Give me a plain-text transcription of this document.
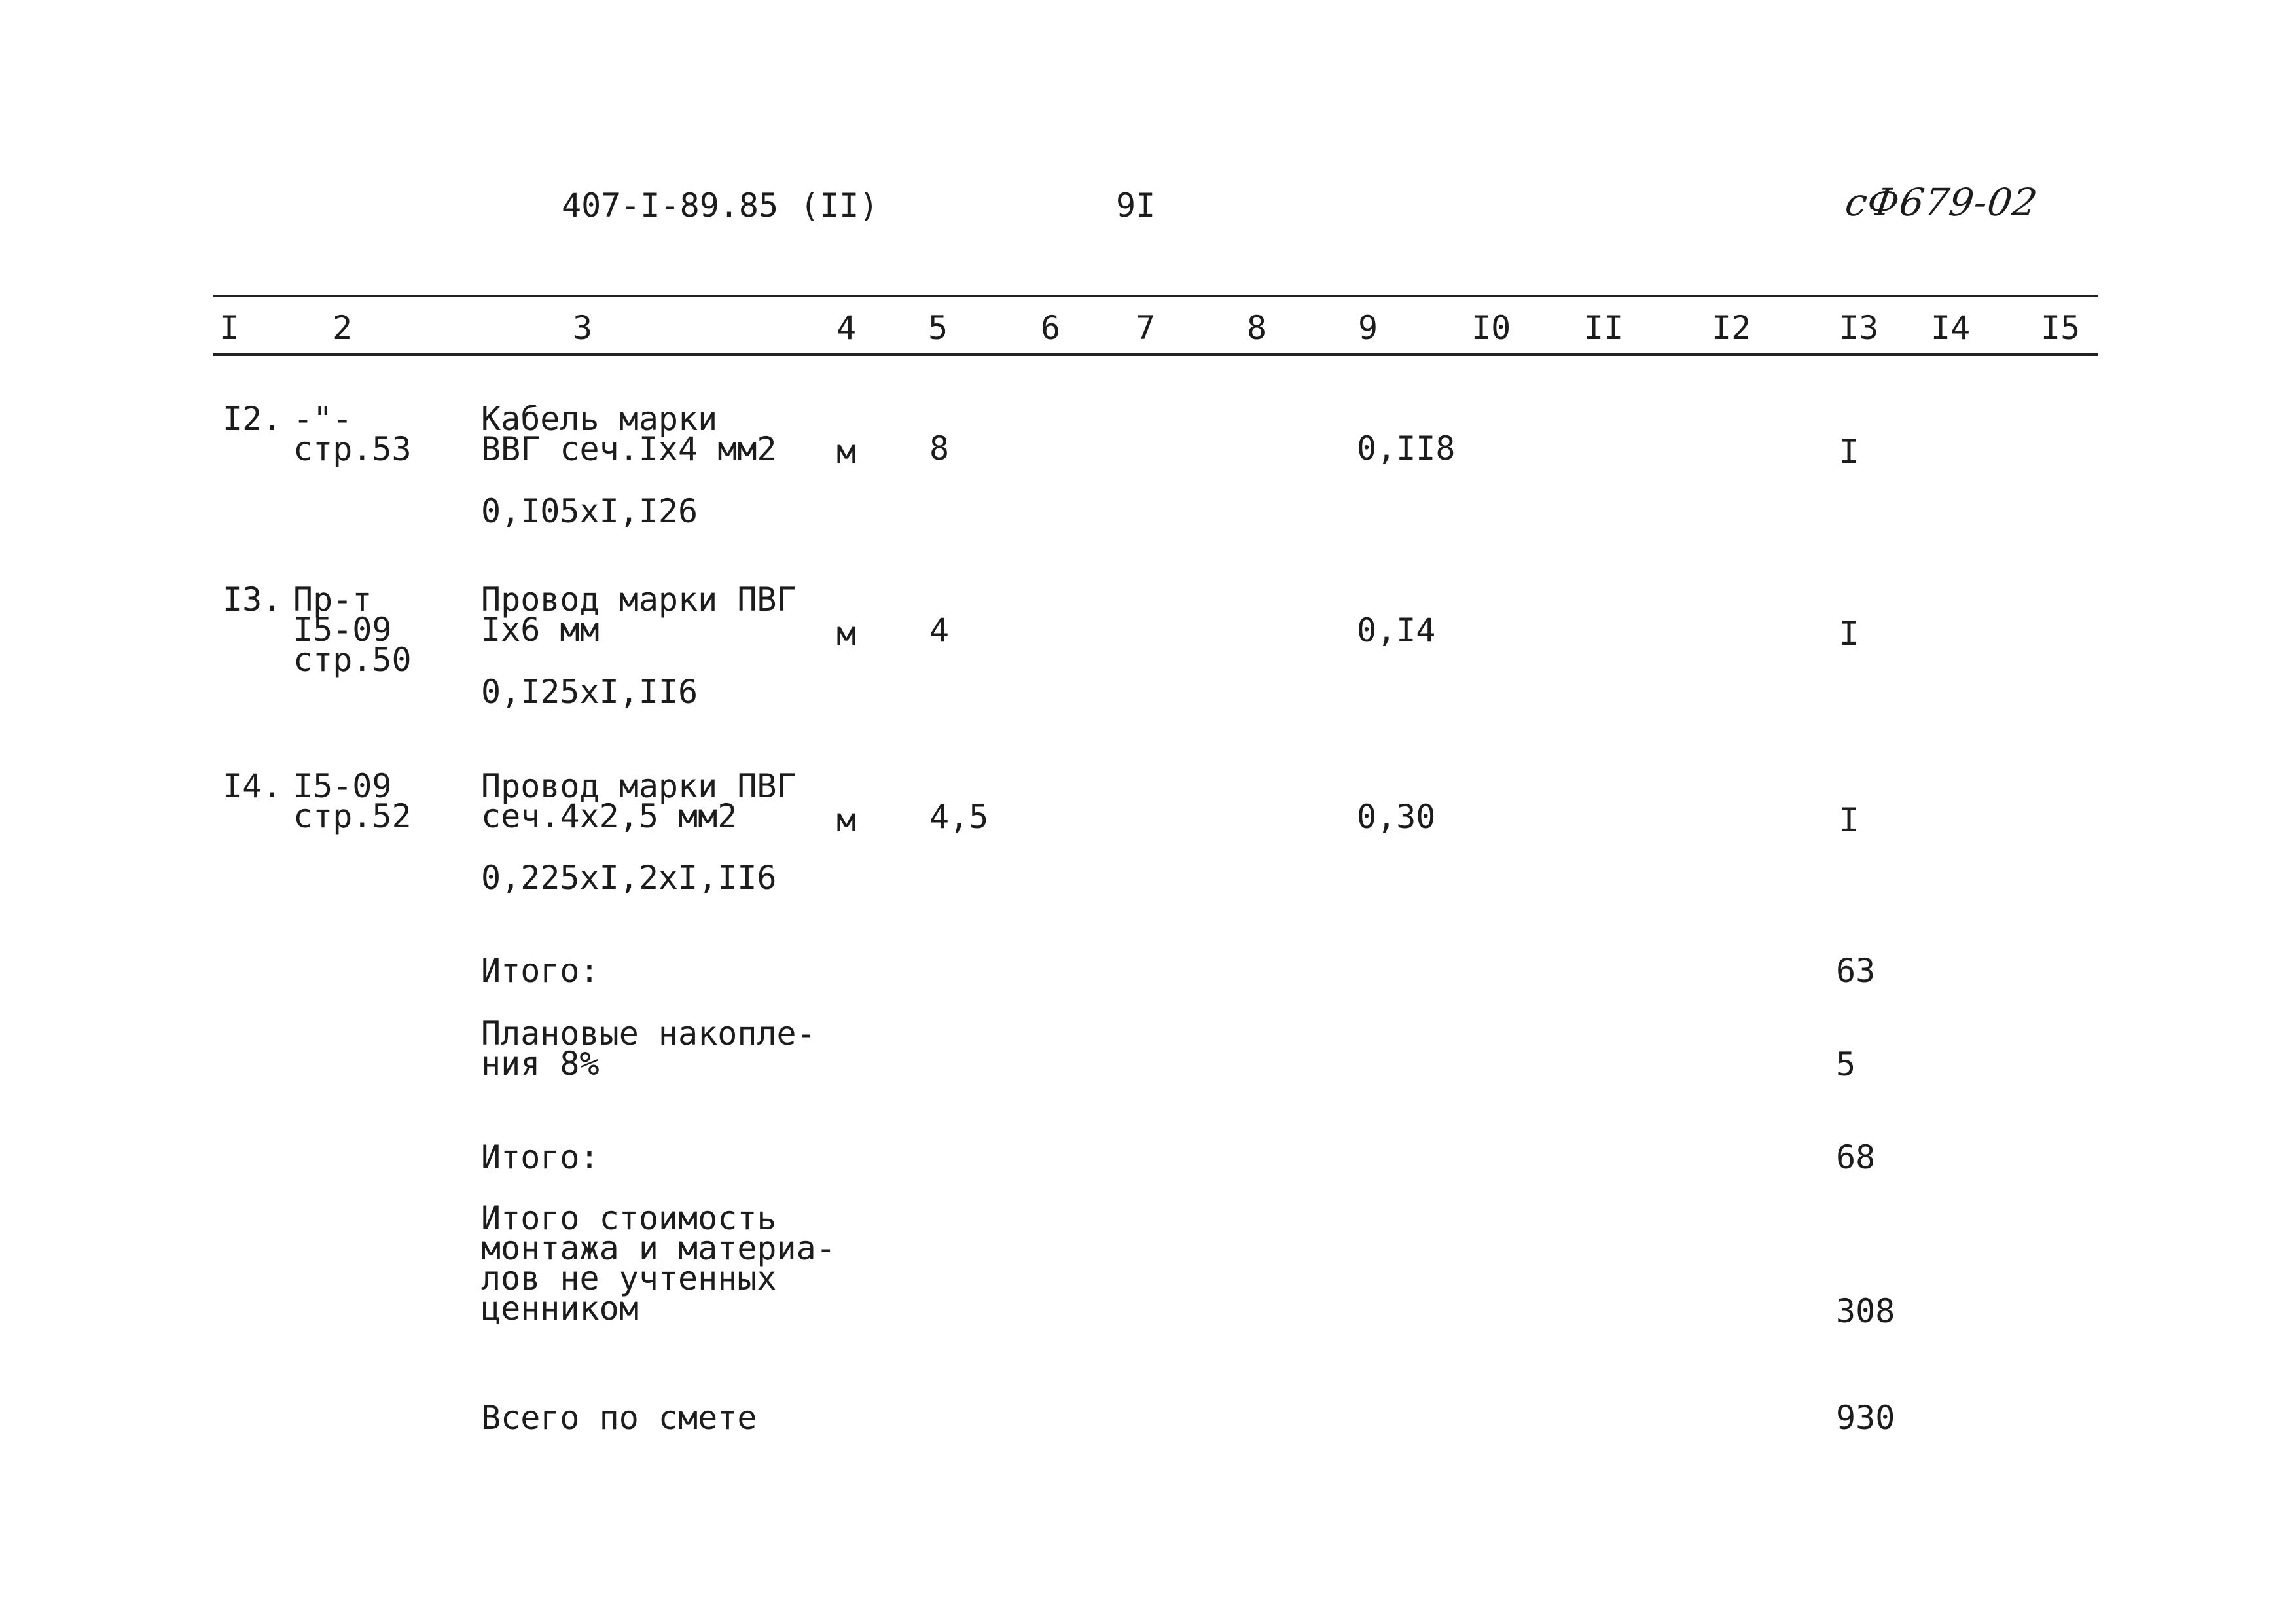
407-I-89.85 (II)	9I	сФ679-02
I	2	3	4 5	6 7	8	9	I0 II	I2	I3 I4 I5
I2. -"-
стр.53
Кабель марки
ВВГ сеч.Iх4 мм2
0,I05хI,I26
м 8	0,II8	I
I3. Пр-т
I5-09
стр.50
Провод марки ПВГ
Iх6 мм
0,I25хI,II6
м 4	0,I4	I
I4. I5-09
стр.52
Провод марки ПВГ
сеч.4х2,5 мм2
0,225хI,2хI,II6
м 4,5	0,30	I
Итого:	63
Плановые накопле-
ния 8%	5
Итого:	68
Итого стоимость
монтажа и материа-
лов не учтенных
ценником	308
Всего по смете	930
